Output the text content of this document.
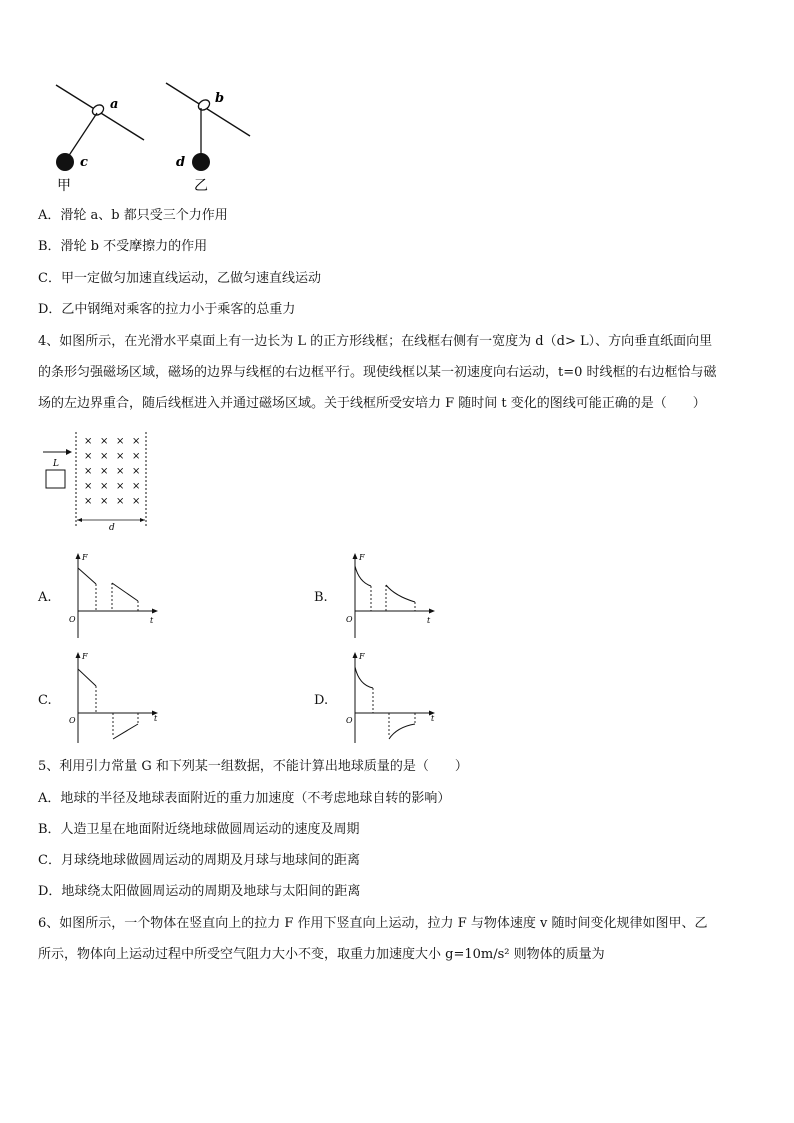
a
c
甲
b
d
乙
A．滑轮 a、b 都只受三个力作用
B．滑轮 b 不受摩擦力的作用
C．甲一定做匀加速直线运动，乙做匀速直线运动
D．乙中钢绳对乘客的拉力小于乘客的总重力
4、如图所示，在光滑水平桌面上有一边长为 L 的正方形线框；在线框右侧有一宽度为 d（d> L）、方向垂直纸面向里
的条形匀强磁场区域，磁场的边界与线框的右边框平行。现使线框以某一初速度向右运动，t=0 时线框的右边框恰与磁
场的左边界重合，随后线框进入并通过磁场区域。关于线框所受安培力 F 随时间 t 变化的图线可能正确的是（　　）
L
× × × ×
× × × ×
× × × ×
× × × ×
× × × ×
d
A.
F
t
O
B.
F
t
O
C.
F
t
O
D.
F
t
O
5、利用引力常量 G 和下列某一组数据，不能计算出地球质量的是（　　）
A．地球的半径及地球表面附近的重力加速度（不考虑地球自转的影响）
B．人造卫星在地面附近绕地球做圆周运动的速度及周期
C．月球绕地球做圆周运动的周期及月球与地球间的距离
D．地球绕太阳做圆周运动的周期及地球与太阳间的距离
6、如图所示，一个物体在竖直向上的拉力 F 作用下竖直向上运动，拉力 F 与物体速度 v 随时间变化规律如图甲、乙
所示，物体向上运动过程中所受空气阻力大小不变，取重力加速度大小 g=10m/s² 则物体的质量为
